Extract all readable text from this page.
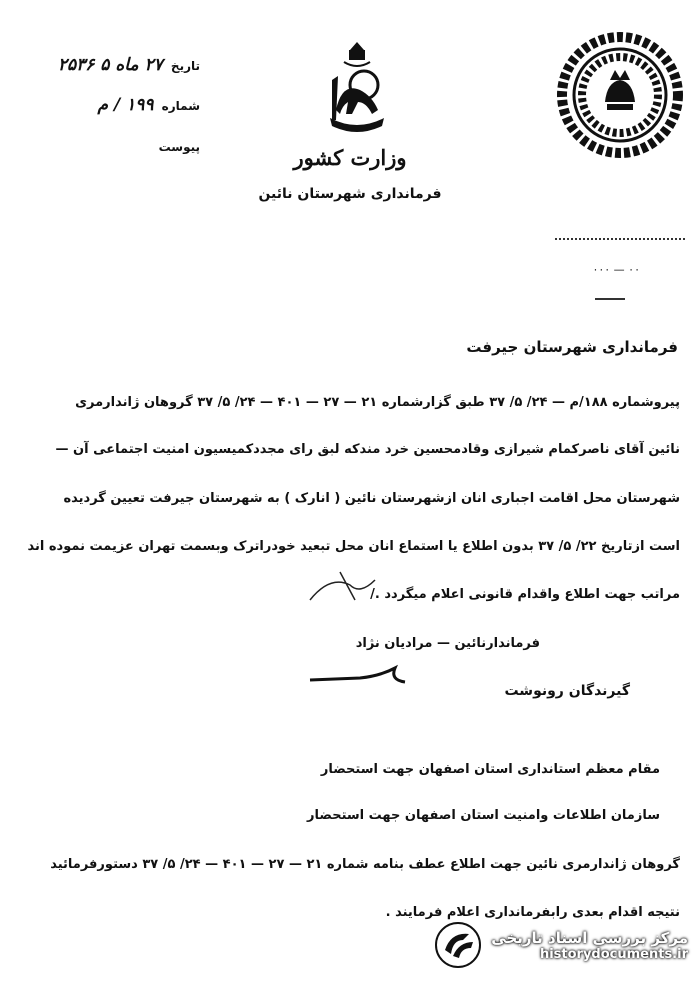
تاریخ ۲۷ ماه ۵ ۲۵۳۶
شماره ۱۹۹ / م
پیوست	وزارت کشور
فرمانداری شهرستان نائین
۰۰ — ۰۰۰
فرمانداری شهرستان جیرفت
پیروشماره ۱۸۸/م — ۲۴/ ۵/ ۳۷ طبق گزارشماره ۲۱ — ۲۷ — ۴۰۱ — ۲۴/ ۵/ ۳۷ گروهان ژاندارمری
نائین آقای ناصرکمام شیرازی وقادمحسین خرد مندکه لبق رای مجددکمیسیون امنیت اجتماعی آن —
شهرستان محل اقامت اجباری انان ازشهرستان نائین ( انارک ) به شهرستان جیرفت تعیین گردیده
است ازتاریخ ۲۲/ ۵/ ۳۷ بدون اطلاع یا استماع انان محل تبعید خودراترک وبسمت تهران عزیمت نموده اند
مراتب جهت اطلاع واقدام قانونی اعلام میگردد ./
فرماندارنائین — مرادیان نژاد
گیرندگان رونوشت
مقام معظم استانداری استان اصفهان جهت استحضار
سازمان اطلاعات وامنیت استان اصفهان جهت استحضار
گروهان ژاندارمری نائین جهت اطلاع عطف بنامه شماره ۲۱ — ۲۷ — ۴۰۱ — ۲۴/ ۵/ ۳۷ دستورفرمائید
نتیجه اقدام بعدی رابفرمانداری اعلام فرمایند .
مرکز بررسی اسناد تاریخی
historydocuments.ir
